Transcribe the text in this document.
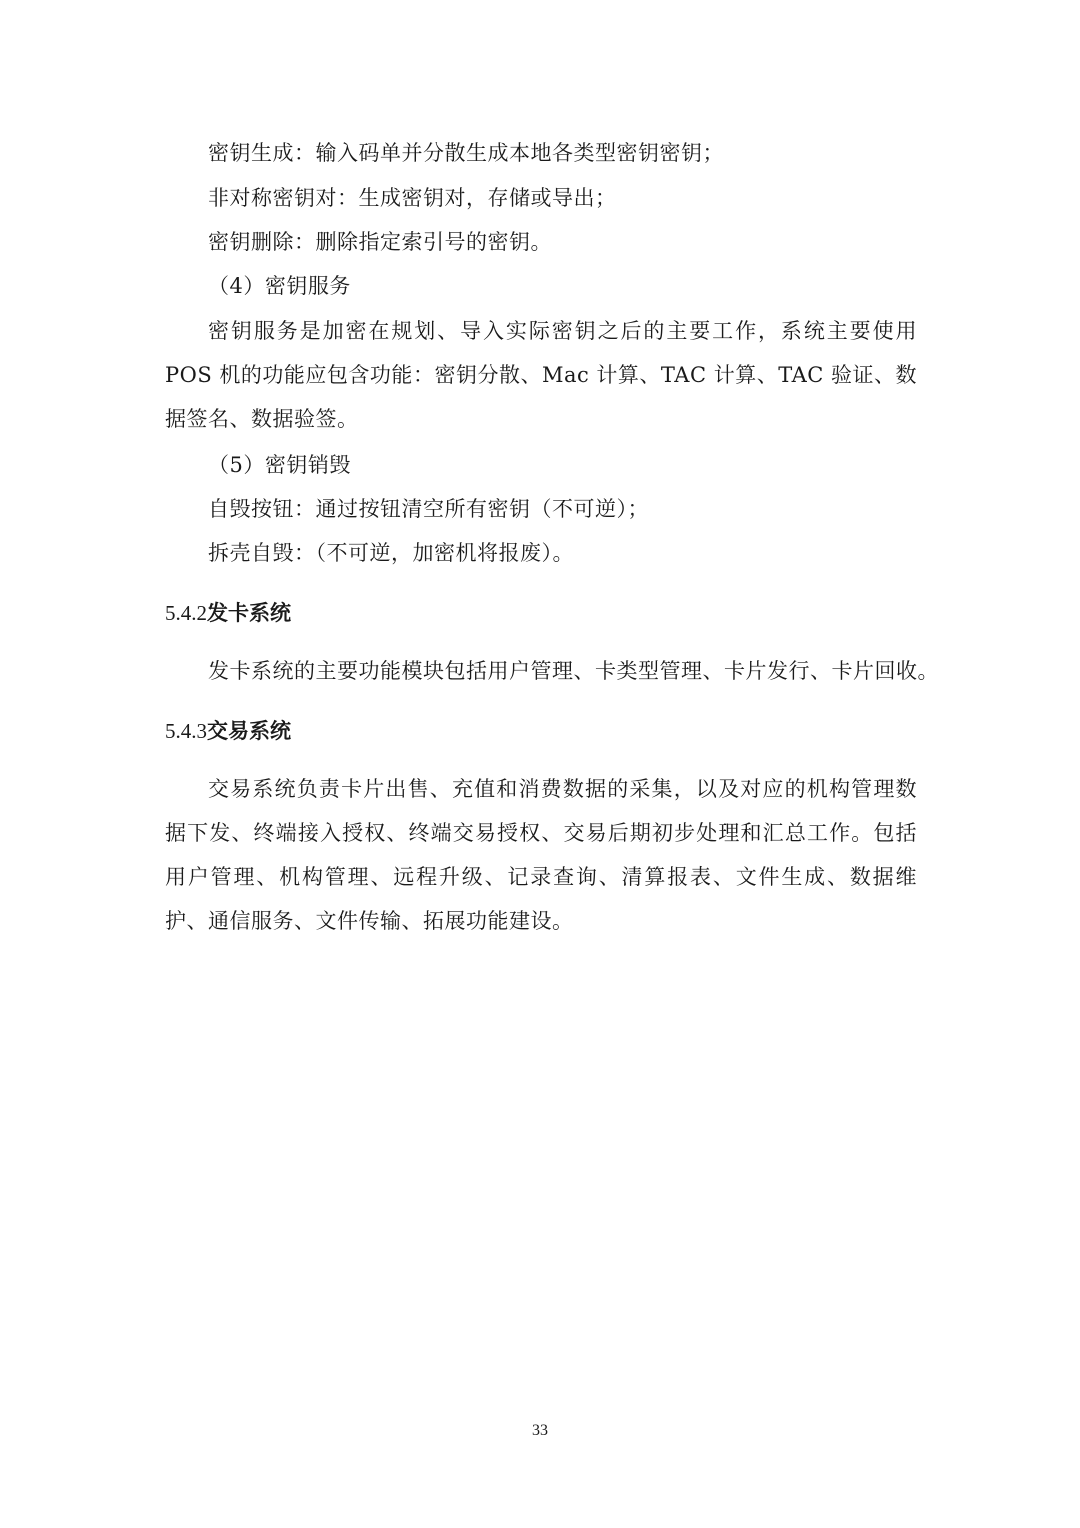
密钥生成：输入码单并分散生成本地各类型密钥密钥；
非对称密钥对：生成密钥对，存储或导出；
密钥删除：删除指定索引号的密钥。
（4）密钥服务
密钥服务是加密在规划、导入实际密钥之后的主要工作，系统主要使用 POS 机的功能应包含功能：密钥分散、Mac 计算、TAC 计算、TAC 验证、数据签名、数据验签。
（5）密钥销毁
自毁按钮：通过按钮清空所有密钥（不可逆）；
拆壳自毁：（不可逆，加密机将报废）。
5.4.2发卡系统
发卡系统的主要功能模块包括用户管理、卡类型管理、卡片发行、卡片回收。
5.4.3交易系统
交易系统负责卡片出售、充值和消费数据的采集，以及对应的机构管理数据下发、终端接入授权、终端交易授权、交易后期初步处理和汇总工作。包括用户管理、机构管理、远程升级、记录查询、清算报表、文件生成、数据维护、通信服务、文件传输、拓展功能建设。
33
